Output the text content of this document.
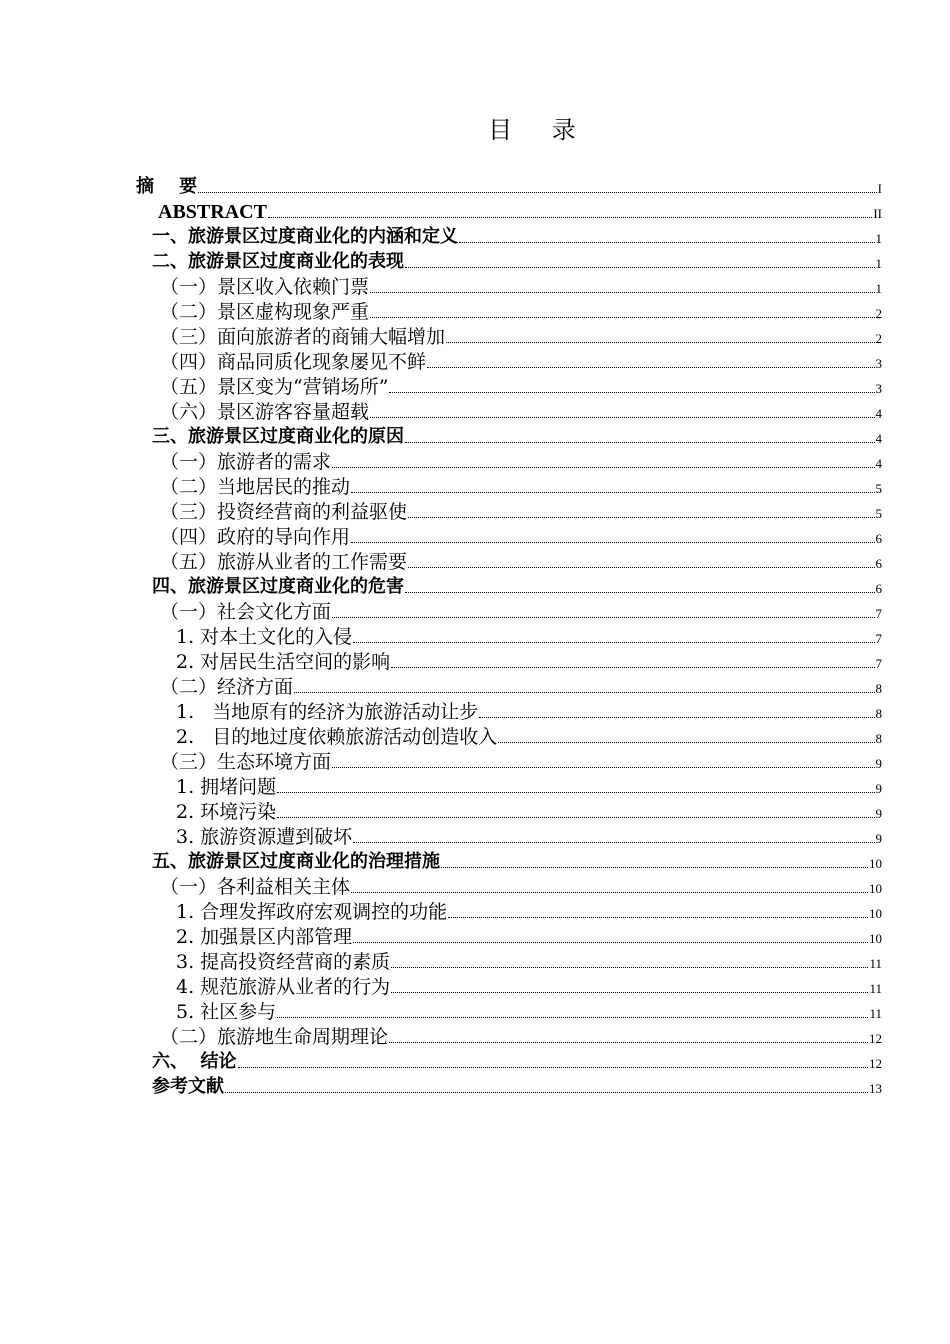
目 录
摘    要	I
ABSTRACT	II
一、旅游景区过度商业化的内涵和定义	1
二、旅游景区过度商业化的表现	1
（一）景区收入依赖门票	1
（二）景区虚构现象严重	2
（三）面向旅游者的商铺大幅增加	2
（四）商品同质化现象屡见不鲜	3
（五）景区变为“营销场所”	3
（六）景区游客容量超载	4
三、旅游景区过度商业化的原因	4
（一）旅游者的需求	4
（二）当地居民的推动	5
（三）投资经营商的利益驱使	5
（四）政府的导向作用	6
（五）旅游从业者的工作需要	6
四、旅游景区过度商业化的危害	6
（一）社会文化方面	7
1. 对本土文化的入侵	7
2. 对居民生活空间的影响	7
（二）经济方面	8
1.   当地原有的经济为旅游活动让步	8
2.   目的地过度依赖旅游活动创造收入	8
（三）生态环境方面	9
1. 拥堵问题	9
2. 环境污染	9
3. 旅游资源遭到破坏	9
五、旅游景区过度商业化的治理措施	10
（一）各利益相关主体	10
1. 合理发挥政府宏观调控的功能	10
2. 加强景区内部管理	10
3. 提高投资经营商的素质	11
4. 规范旅游从业者的行为	11
5. 社区参与	11
（二）旅游地生命周期理论	12
六、  结论	12
参考文献	13
